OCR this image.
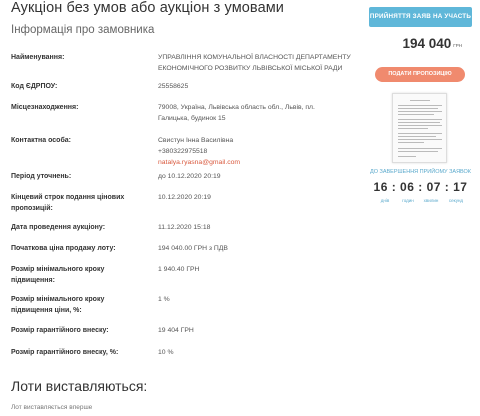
Аукціон без умов або аукціон з умовами
Інформація про замовника
Найменування:	УПРАВЛІННЯ КОМУНАЛЬНОЇ ВЛАСНОСТІ ДЕПАРТАМЕНТУ
ЕКОНОМІЧНОГО РОЗВИТКУ ЛЬВІВСЬКОЇ МІСЬКОЇ РАДИ
Код ЄДРПОУ:	25558625
Місцезнаходження:	79008, Україна, Львівська область обл., Львів, пл.
Галицька, будинок 15
Контактна особа:	Свистун Інна Василівна
+380322975518
natalya.ryasna@gmail.com
Період уточнень:	до 10.12.2020 20:19
Кінцевий строк подання цінових пропозицій:
10.12.2020 20:19
Дата проведення аукціону:	11.12.2020 15:18
Початкова ціна продажу лоту:	194 040.00 ГРН з ПДВ
Розмір мінімального кроку підвищення:
1 940.40 ГРН
Розмір мінімального кроку підвищення ціни, %:
1 %
Розмір гарантійного внеску:	19 404 ГРН
Розмір гарантійного внеску, %:	10 %
Лоти виставляються:
Лот виставляється вперше
ПРИЙНЯТТЯ ЗАЯВ НА УЧАСТЬ
194 040 ГРН
ПОДАТИ ПРОПОЗИЦІЮ
ДО ЗАВЕРШЕННЯ ПРИЙОМУ ЗАЯВОК
16 : 06 : 07 : 17
днів	годин	хвилин	секунд
